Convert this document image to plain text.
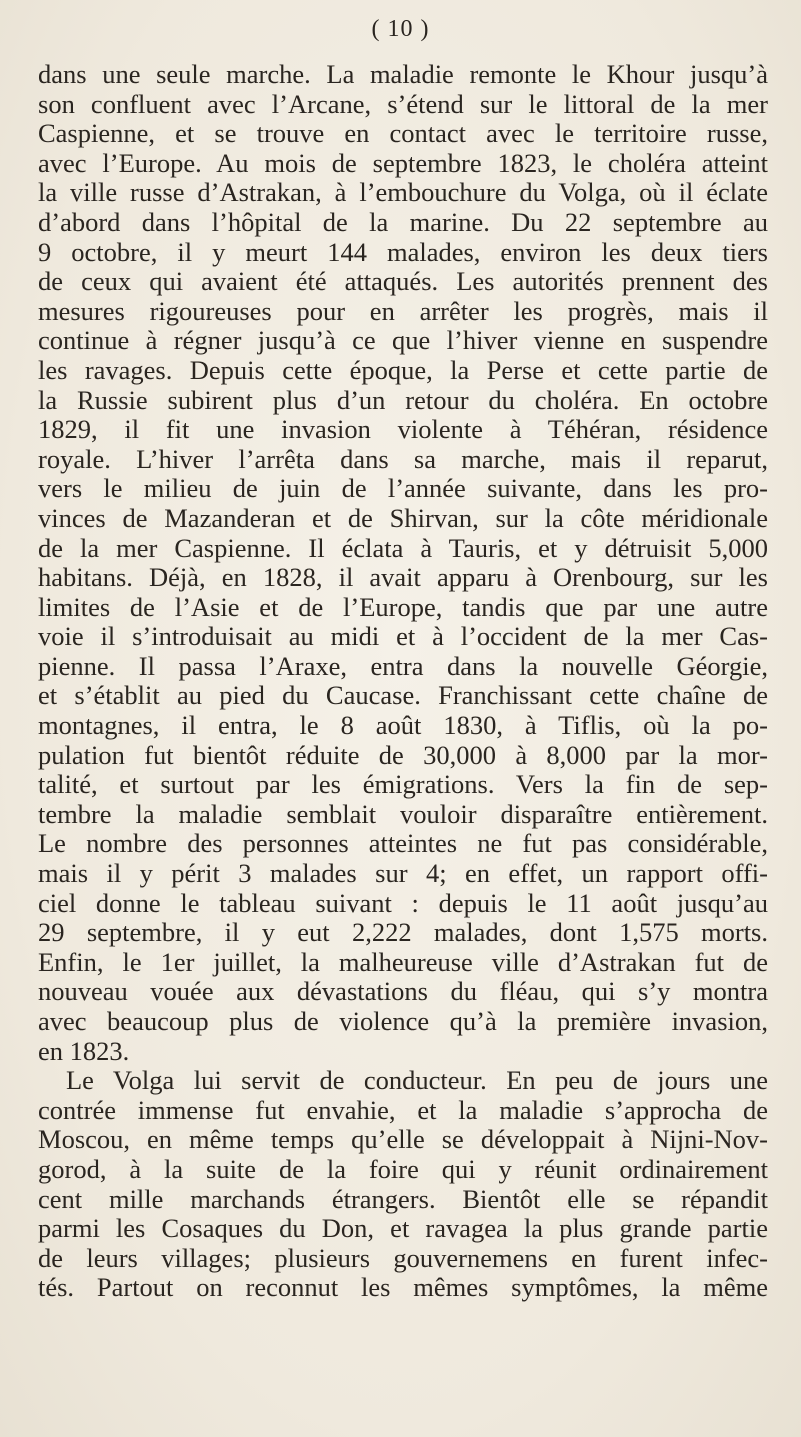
( 10 )
dans une seule marche. La maladie remonte le Khour jusqu’à
son confluent avec l’Arcane, s’étend sur le littoral de la mer
Caspienne, et se trouve en contact avec le territoire russe,
avec l’Europe. Au mois de septembre 1823, le choléra atteint
la ville russe d’Astrakan, à l’embouchure du Volga, où il éclate
d’abord dans l’hôpital de la marine. Du 22 septembre au
9 octobre, il y meurt 144 malades, environ les deux tiers
de ceux qui avaient été attaqués. Les autorités prennent des
mesures rigoureuses pour en arrêter les progrès, mais il
continue à régner jusqu’à ce que l’hiver vienne en suspendre
les ravages. Depuis cette époque, la Perse et cette partie de
la Russie subirent plus d’un retour du choléra. En octobre
1829, il fit une invasion violente à Téhéran, résidence
royale. L’hiver l’arrêta dans sa marche, mais il reparut,
vers le milieu de juin de l’année suivante, dans les pro-
vinces de Mazanderan et de Shirvan, sur la côte méridionale
de la mer Caspienne. Il éclata à Tauris, et y détruisit 5,000
habitans. Déjà, en 1828, il avait apparu à Orenbourg, sur les
limites de l’Asie et de l’Europe, tandis que par une autre
voie il s’introduisait au midi et à l’occident de la mer Cas-
pienne. Il passa l’Araxe, entra dans la nouvelle Géorgie,
et s’établit au pied du Caucase. Franchissant cette chaîne de
montagnes, il entra, le 8 août 1830, à Tiflis, où la po-
pulation fut bientôt réduite de 30,000 à 8,000 par la mor-
talité, et surtout par les émigrations. Vers la fin de sep-
tembre la maladie semblait vouloir disparaître entièrement.
Le nombre des personnes atteintes ne fut pas considérable,
mais il y périt 3 malades sur 4; en effet, un rapport offi-
ciel donne le tableau suivant : depuis le 11 août jusqu’au
29 septembre, il y eut 2,222 malades, dont 1,575 morts.
Enfin, le 1er juillet, la malheureuse ville d’Astrakan fut de
nouveau vouée aux dévastations du fléau, qui s’y montra
avec beaucoup plus de violence qu’à la première invasion,
en 1823.
Le Volga lui servit de conducteur. En peu de jours une
contrée immense fut envahie, et la maladie s’approcha de
Moscou, en même temps qu’elle se développait à Nijni-Nov-
gorod, à la suite de la foire qui y réunit ordinairement
cent mille marchands étrangers. Bientôt elle se répandit
parmi les Cosaques du Don, et ravagea la plus grande partie
de leurs villages; plusieurs gouvernemens en furent infec-
tés. Partout on reconnut les mêmes symptômes, la même
